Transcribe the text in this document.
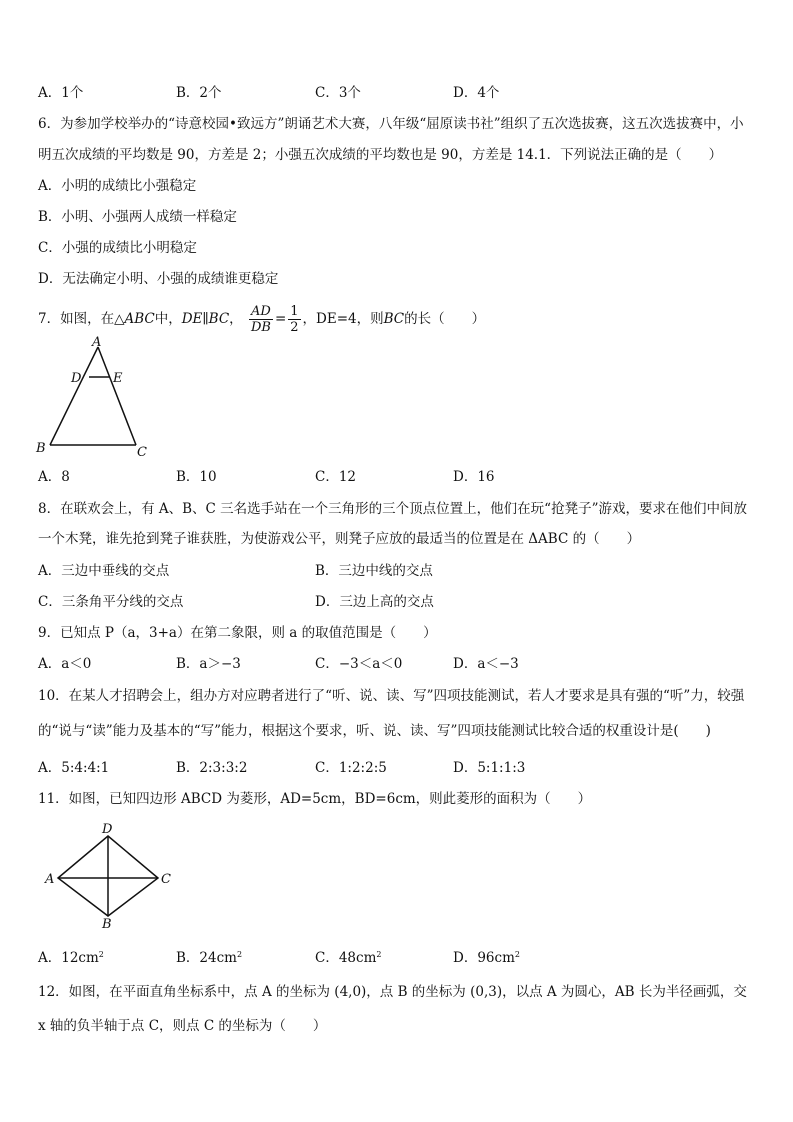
A．1个	B．2个	C．3个	D．4个
6．为参加学校举办的“诗意校园•致远方”朗诵艺术大赛，八年级“屈原读书社”组织了五次选拔赛，这五次选拔赛中，小
明五次成绩的平均数是 90，方差是 2；小强五次成绩的平均数也是 90，方差是 14.1．下列说法正确的是（　　）
A．小明的成绩比小强稳定
B．小明、小强两人成绩一样稳定
C．小强的成绩比小明稳定
D．无法确定小明、小强的成绩谁更稳定
7．如图，在△ABC中，DE∥BC， $\frac{AD}{DB} = \frac{1}{2}$ ，DE=4，则BC的长（　　）
A
D E
B	C
A．8	B．10	C．12	D．16
8．在联欢会上，有 A、B、C 三名选手站在一个三角形的三个顶点位置上，他们在玩“抢凳子”游戏，要求在他们中间放
一个木凳，谁先抢到凳子谁获胜，为使游戏公平，则凳子应放的最适当的位置是在 ΔABC 的（　　）
A．三边中垂线的交点	B．三边中线的交点
C．三条角平分线的交点	D．三边上高的交点
9．已知点 P（a，3+a）在第二象限，则 a 的取值范围是（　　）
A．a＜0	B．a＞−3	C．−3＜a＜0	D．a＜−3
10．在某人才招聘会上，组办方对应聘者进行了“听、说、读、写”四项技能测试，若人才要求是具有强的“听”力，较强
的“说与“读”能力及基本的“写”能力，根据这个要求，听、说、读、写”四项技能测试比较合适的权重设计是(　　)
A．5:4:4:1	B．2:3:3:2	C．1:2:2:5	D．5:1:1:3
11．如图，已知四边形 ABCD 为菱形，AD=5cm，BD=6cm，则此菱形的面积为（　　）
D
A	C
B
A．$12cm^2$	B．$24cm^2$	C．$48cm^2$	D．$96cm^2$
12．如图，在平面直角坐标系中，点 A 的坐标为 (4,0)，点 B 的坐标为 (0,3)，以点 A 为圆心，AB 长为半径画弧，交
x 轴的负半轴于点 C，则点 C 的坐标为（　　）
